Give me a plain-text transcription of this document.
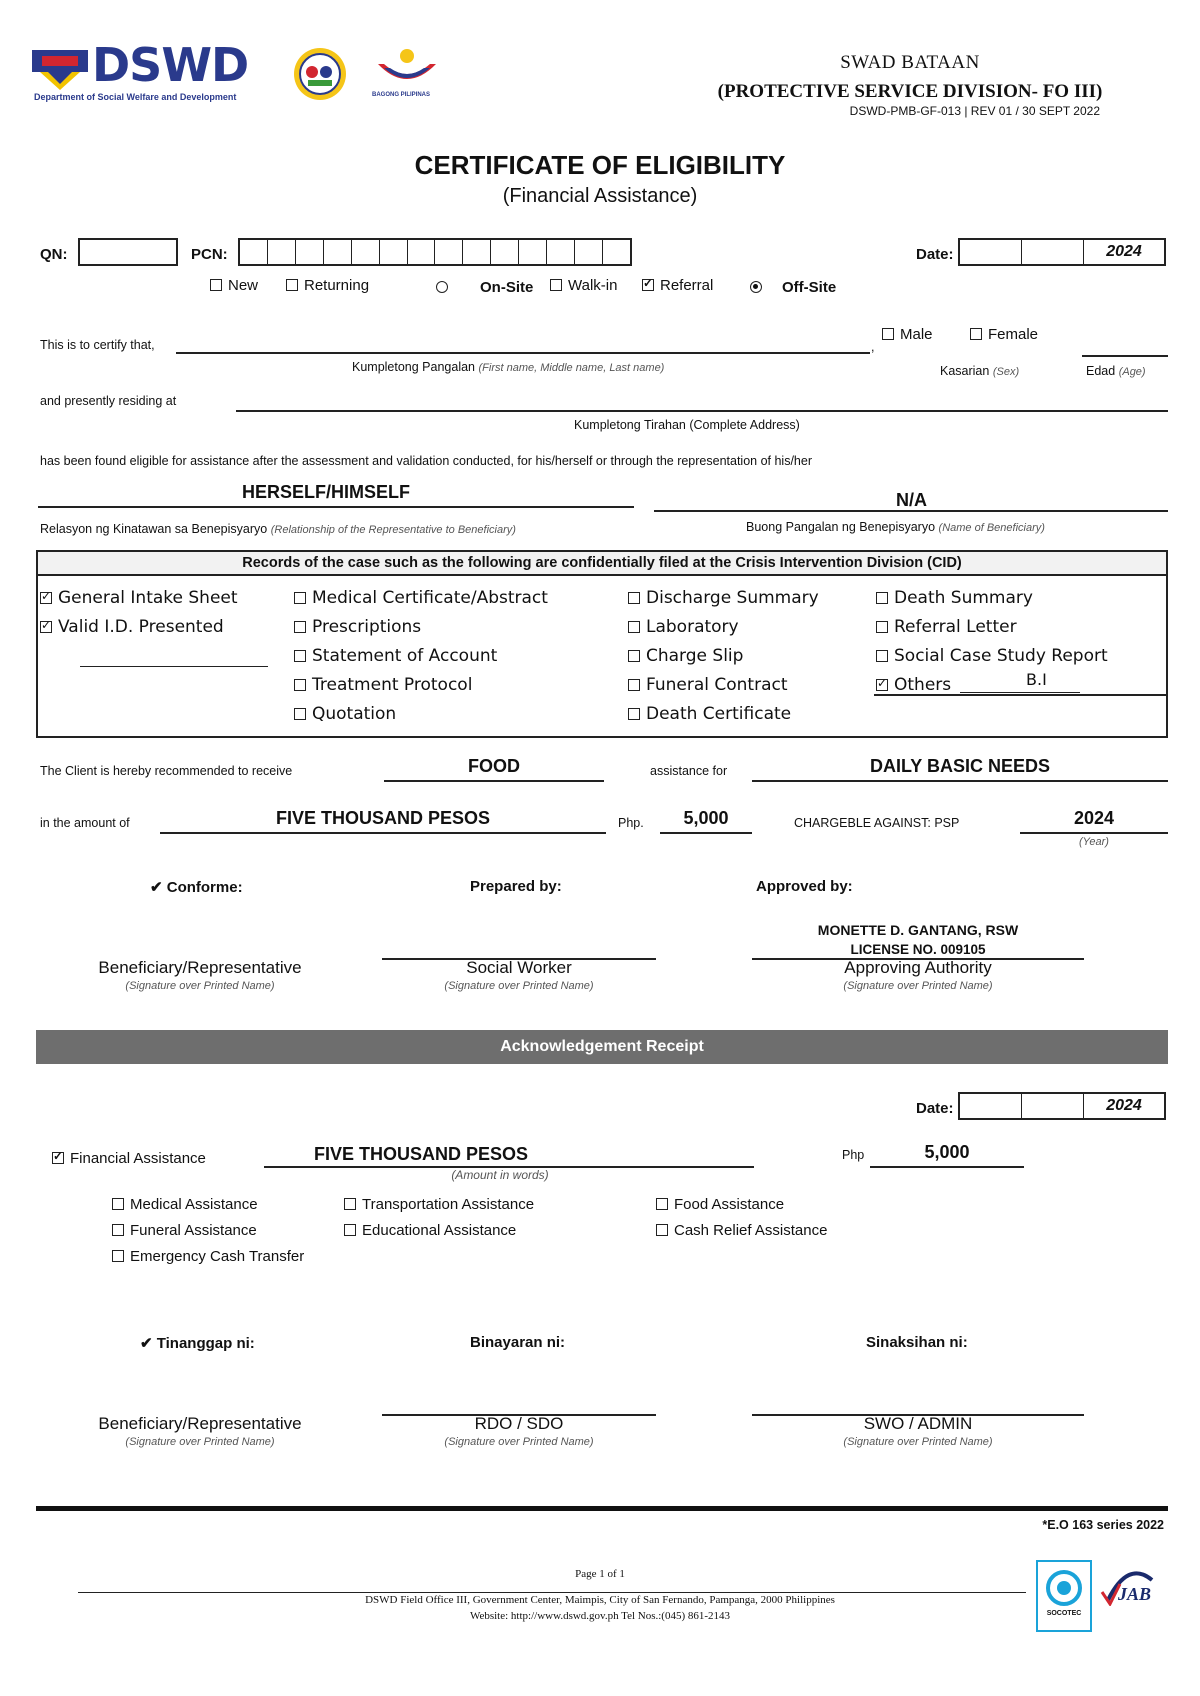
DSWD
Department of Social Welfare and Development	BAGONG PILIPINAS
SWAD BATAAN
(PROTECTIVE SERVICE DIVISION- FO III)
DSWD-PMB-GF-013 | REV 01 / 30 SEPT 2022
CERTIFICATE OF ELIGIBILITY
(Financial Assistance)
QN:	PCN:	Date:	2024
New	Returning	On-Site	Walk-in
✓	Referral	Off-Site
This is to certify that,	,
Male	Female
Kumpletong Pangalan (First name, Middle name, Last name)	Kasarian (Sex)	Edad (Age)
and presently residing at
Kumpletong Tirahan (Complete Address)
has been found eligible for assistance after the assessment and validation conducted, for his/herself or through the representation of his/her
HERSELF/HIMSELF	N/A
Relasyon ng Kinatawan sa Benepisyaryo (Relationship of the Representative to Beneficiary)	Buong Pangalan ng Benepisyaryo (Name of Beneficiary)
Records of the case such as the following are confidentially filed at the Crisis Intervention Division (CID)
✓General Intake Sheet
✓Valid I.D. Presented
Medical Certificate/Abstract
Prescriptions
Statement of Account
Treatment Protocol
Quotation
Discharge Summary
Laboratory
Charge Slip
Funeral Contract
Death Certificate
Death Summary
Referral Letter
Social Case Study Report
✓Others	B.I
The Client is hereby recommended to receive	FOOD	assistance for	DAILY BASIC NEEDS
in the amount of	FIVE THOUSAND PESOS	Php.	5,000	CHARGEBLE AGAINST: PSP	2024
(Year)
✔ Conforme:	Prepared by:	Approved by:
MONETTE D. GANTANG, RSW
LICENSE NO. 009105
Beneficiary/Representative	Social Worker	Approving Authority
(Signature over Printed Name)	(Signature over Printed Name)	(Signature over Printed Name)
Acknowledgement Receipt
Date:	2024
✓Financial Assistance	FIVE THOUSAND PESOS
(Amount in words)
Php	5,000
Medical Assistance
Funeral Assistance
Emergency Cash Transfer
Transportation Assistance
Educational Assistance
Food Assistance
Cash Relief Assistance
✔ Tinanggap ni:	Binayaran ni:	Sinaksihan ni:
Beneficiary/Representative	RDO / SDO	SWO / ADMIN
(Signature over Printed Name)	(Signature over Printed Name)	(Signature over Printed Name)
*E.O 163 series 2022
Page 1 of 1
DSWD Field Office III, Government Center, Maimpis, City of San Fernando, Pampanga, 2000 Philippines
Website: http://www.dswd.gov.ph Tel Nos.:(045) 861-2143	SOCOTEC
JAB
